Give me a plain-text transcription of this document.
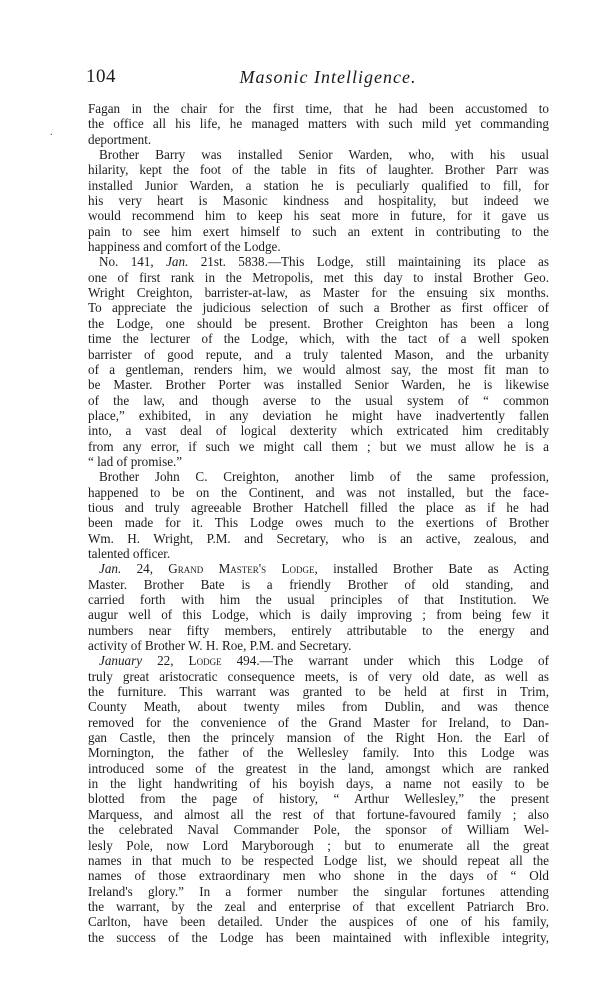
104	Masonic Intelligence.
.
Fagan in the chair for the first time, that he had been accustomed to
the office all his life, he managed matters with such mild yet commanding
deportment.
Brother Barry was installed Senior Warden, who, with his usual
hilarity, kept the foot of the table in fits of laughter. Brother Parr was
installed Junior Warden, a station he is peculiarly qualified to fill, for
his very heart is Masonic kindness and hospitality, but indeed we
would recommend him to keep his seat more in future, for it gave us
pain to see him exert himself to such an extent in contributing to the
happiness and comfort of the Lodge.
No. 141, Jan. 21st. 5838.—This Lodge, still maintaining its place as
one of first rank in the Metropolis, met this day to instal Brother Geo.
Wright Creighton, barrister-at-law, as Master for the ensuing six months.
To appreciate the judicious selection of such a Brother as first officer of
the Lodge, one should be present. Brother Creighton has been a long
time the lecturer of the Lodge, which, with the tact of a well spoken
barrister of good repute, and a truly talented Mason, and the urbanity
of a gentleman, renders him, we would almost say, the most fit man to
be Master. Brother Porter was installed Senior Warden, he is likewise
of the law, and though averse to the usual system of “ common
place,” exhibited, in any deviation he might have inadvertently fallen
into, a vast deal of logical dexterity which extricated him creditably
from any error, if such we might call them ; but we must allow he is a
“ lad of promise.”
Brother John C. Creighton, another limb of the same profession,
happened to be on the Continent, and was not installed, but the face-
tious and truly agreeable Brother Hatchell filled the place as if he had
been made for it. This Lodge owes much to the exertions of Brother
Wm. H. Wright, P.M. and Secretary, who is an active, zealous, and
talented officer.
Jan. 24, Grand Master's Lodge, installed Brother Bate as Acting
Master. Brother Bate is a friendly Brother of old standing, and
carried forth with him the usual principles of that Institution. We
augur well of this Lodge, which is daily improving ; from being few it
numbers near fifty members, entirely attributable to the energy and
activity of Brother W. H. Roe, P.M. and Secretary.
January 22, Lodge 494.—The warrant under which this Lodge of
truly great aristocratic consequence meets, is of very old date, as well as
the furniture. This warrant was granted to be held at first in Trim,
County Meath, about twenty miles from Dublin, and was thence
removed for the convenience of the Grand Master for Ireland, to Dan-
gan Castle, then the princely mansion of the Right Hon. the Earl of
Mornington, the father of the Wellesley family. Into this Lodge was
introduced some of the greatest in the land, amongst which are ranked
in the light handwriting of his boyish days, a name not easily to be
blotted from the page of history, “ Arthur Wellesley,” the present
Marquess, and almost all the rest of that fortune-favoured family ; also
the celebrated Naval Commander Pole, the sponsor of William Wel-
lesly Pole, now Lord Maryborough ; but to enumerate all the great
names in that much to be respected Lodge list, we should repeat all the
names of those extraordinary men who shone in the days of “ Old
Ireland's glory.” In a former number the singular fortunes attending
the warrant, by the zeal and enterprise of that excellent Patriarch Bro.
Carlton, have been detailed. Under the auspices of one of his family,
the success of the Lodge has been maintained with inflexible integrity,
